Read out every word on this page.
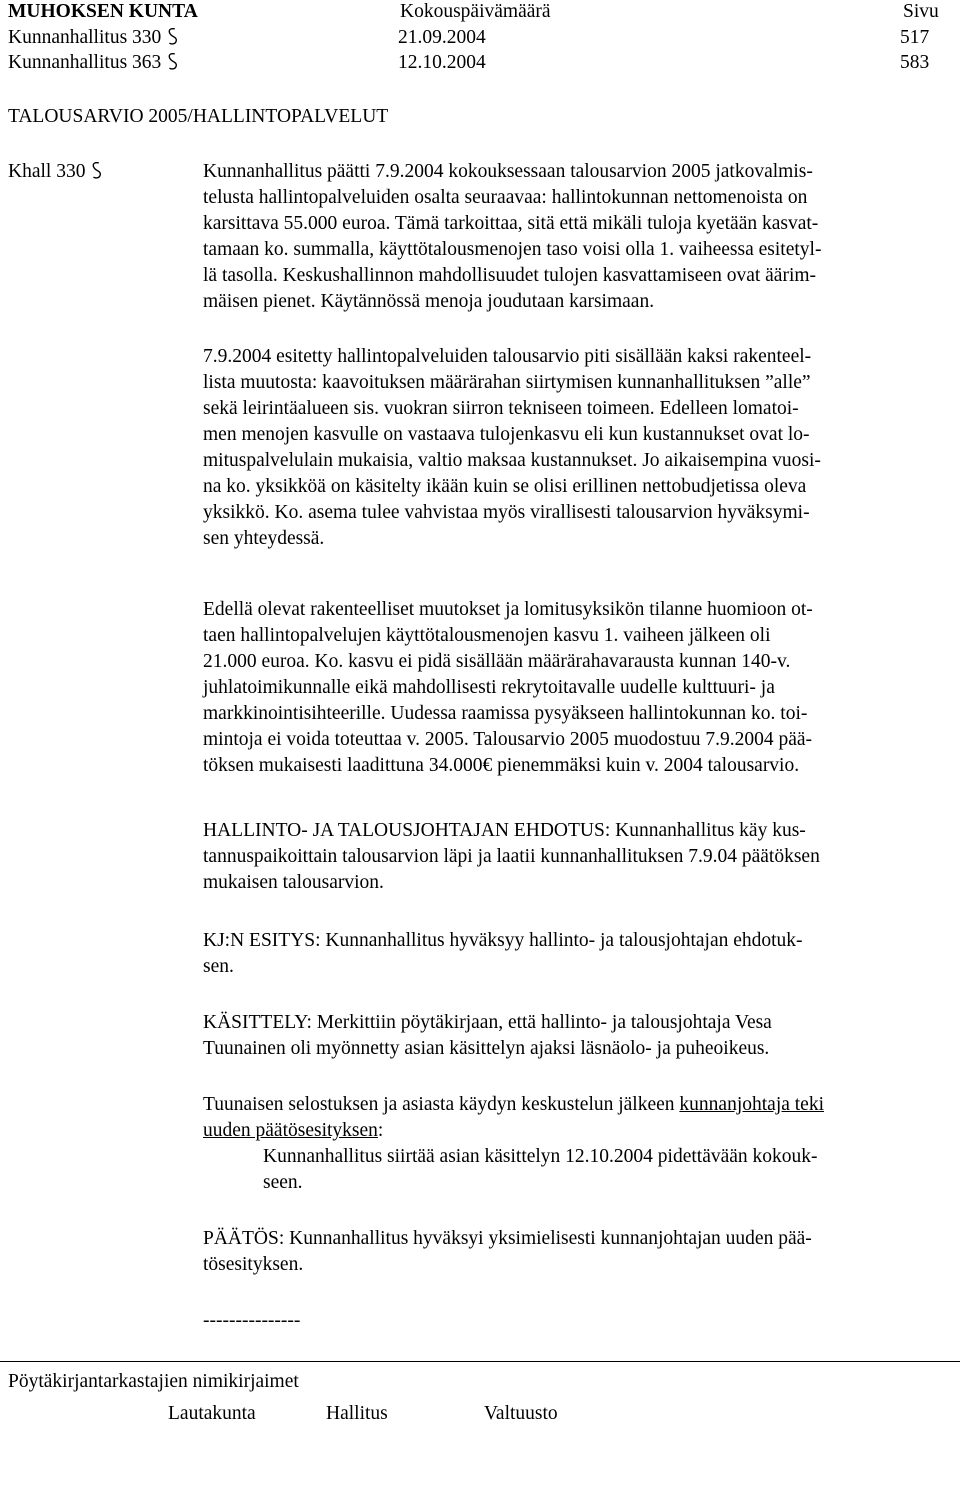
MUHOKSEN KUNTA	Kokouspäivämäärä	Sivu
Kunnanhallitus 330	21.09.2004	517
Kunnanhallitus 363	12.10.2004	583
TALOUSARVIO 2005/HALLINTOPALVELUT
Khall 330	Kunnanhallitus päätti 7.9.2004 kokouksessaan talousarvion 2005 jatkovalmis-
telusta hallintopalveluiden osalta seuraavaa: hallintokunnan nettomenoista on
karsittava 55.000 euroa. Tämä tarkoittaa, sitä että mikäli tuloja kyetään kasvat-
tamaan ko. summalla, käyttötalousmenojen taso voisi olla 1. vaiheessa esitetyl-
lä tasolla. Keskushallinnon mahdollisuudet tulojen kasvattamiseen ovat äärim-
mäisen pienet. Käytännössä menoja joudutaan karsimaan.
7.9.2004 esitetty hallintopalveluiden talousarvio piti sisällään kaksi rakenteel-
lista muutosta: kaavoituksen määrärahan siirtymisen kunnanhallituksen ”alle”
sekä leirintäalueen sis. vuokran siirron tekniseen toimeen. Edelleen lomatoi-
men menojen kasvulle on vastaava tulojenkasvu eli kun kustannukset ovat lo-
mituspalvelulain mukaisia, valtio maksaa kustannukset. Jo aikaisempina vuosi-
na ko. yksikköä on käsitelty ikään kuin se olisi erillinen nettobudjetissa oleva
yksikkö. Ko. asema tulee vahvistaa myös virallisesti talousarvion hyväksymi-
sen yhteydessä.
Edellä olevat rakenteelliset muutokset ja lomitusyksikön tilanne huomioon ot-
taen hallintopalvelujen käyttötalousmenojen kasvu 1. vaiheen jälkeen oli
21.000 euroa. Ko. kasvu ei pidä sisällään määrärahavarausta kunnan 140-v.
juhlatoimikunnalle eikä mahdollisesti rekrytoitavalle uudelle kulttuuri- ja
markkinointisihteerille. Uudessa raamissa pysyäkseen hallintokunnan ko. toi-
mintoja ei voida toteuttaa v. 2005. Talousarvio 2005 muodostuu 7.9.2004 pää-
töksen mukaisesti laadittuna 34.000€ pienemmäksi kuin v. 2004 talousarvio.
HALLINTO- JA TALOUSJOHTAJAN EHDOTUS: Kunnanhallitus käy kus-
tannuspaikoittain talousarvion läpi ja laatii kunnanhallituksen 7.9.04 päätöksen
mukaisen talousarvion.
KJ:N ESITYS: Kunnanhallitus hyväksyy hallinto- ja talousjohtajan ehdotuk-
sen.
KÄSITTELY: Merkittiin pöytäkirjaan, että hallinto- ja talousjohtaja Vesa
Tuunainen oli myönnetty asian käsittelyn ajaksi läsnäolo- ja puheoikeus.
Tuunaisen selostuksen ja asiasta käydyn keskustelun jälkeen kunnanjohtaja teki
uuden päätösesityksen:
Kunnanhallitus siirtää asian käsittelyn 12.10.2004 pidettävään kokouk-
seen.
PÄÄTÖS: Kunnanhallitus hyväksyi yksimielisesti kunnanjohtajan uuden pää-
tösesityksen.
---------------
Pöytäkirjantarkastajien nimikirjaimet
Lautakunta	Hallitus	Valtuusto
